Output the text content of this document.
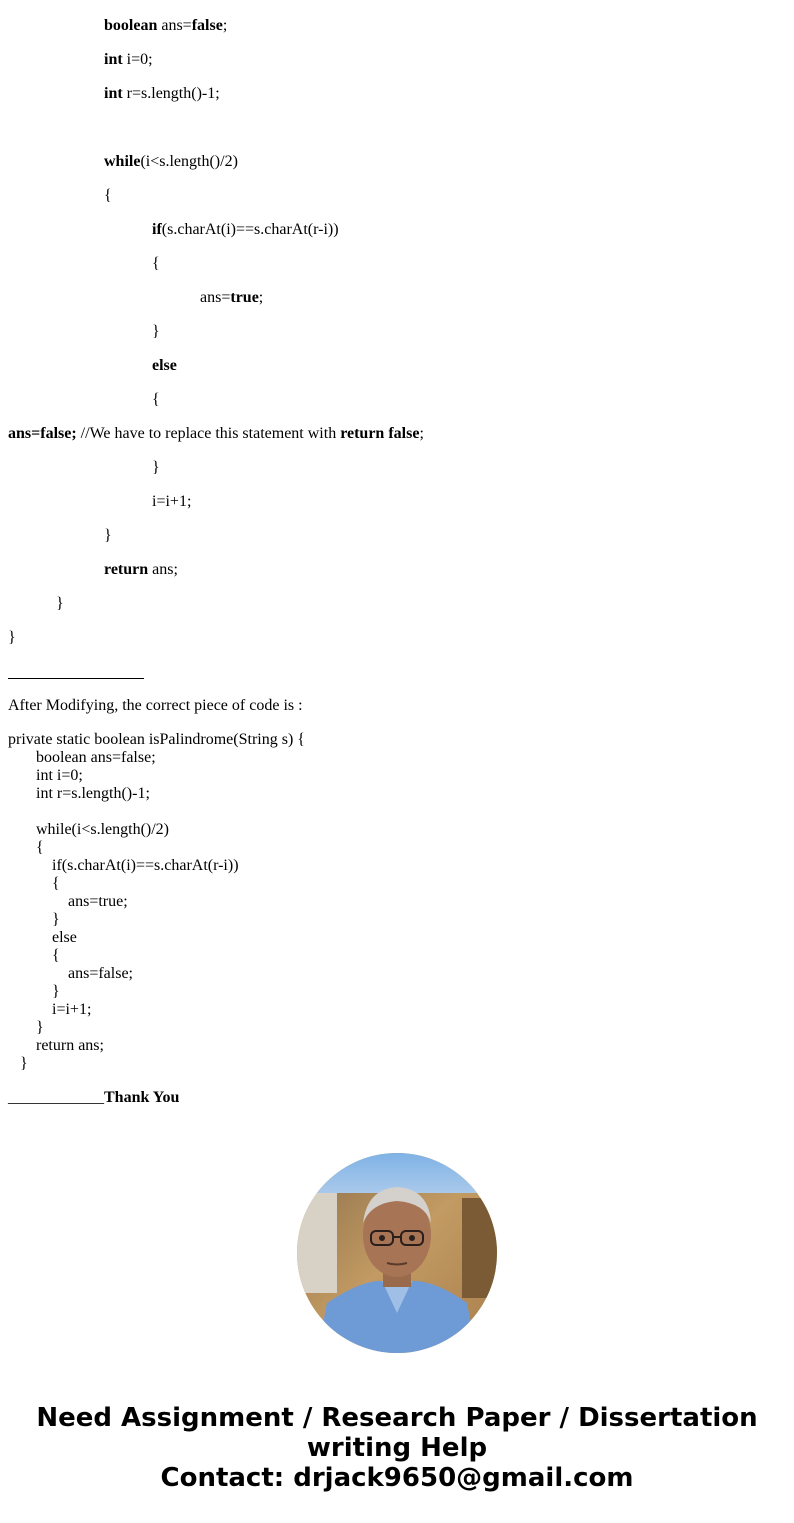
boolean ans=false;
int i=0;
int r=s.length()-1;
while(i<s.length()/2)
{
if(s.charAt(i)==s.charAt(r-i))
{
ans=true;
}
else
{
ans=false; //We have to replace this statement with return false;
}
i=i+1;
}
return ans;
}
}
After Modifying, the correct piece of code is :
private static boolean isPalindrome(String s) {
boolean ans=false;
int i=0;
int r=s.length()-1;

while(i<s.length()/2)
{
if(s.charAt(i)==s.charAt(r-i))
{
ans=true;
}
else
{
ans=false;
}
i=i+1;
}
return ans;
}
____________Thank You
Need Assignment / Research Paper / Dissertation
writing Help
Contact: drjack9650@gmail.com
